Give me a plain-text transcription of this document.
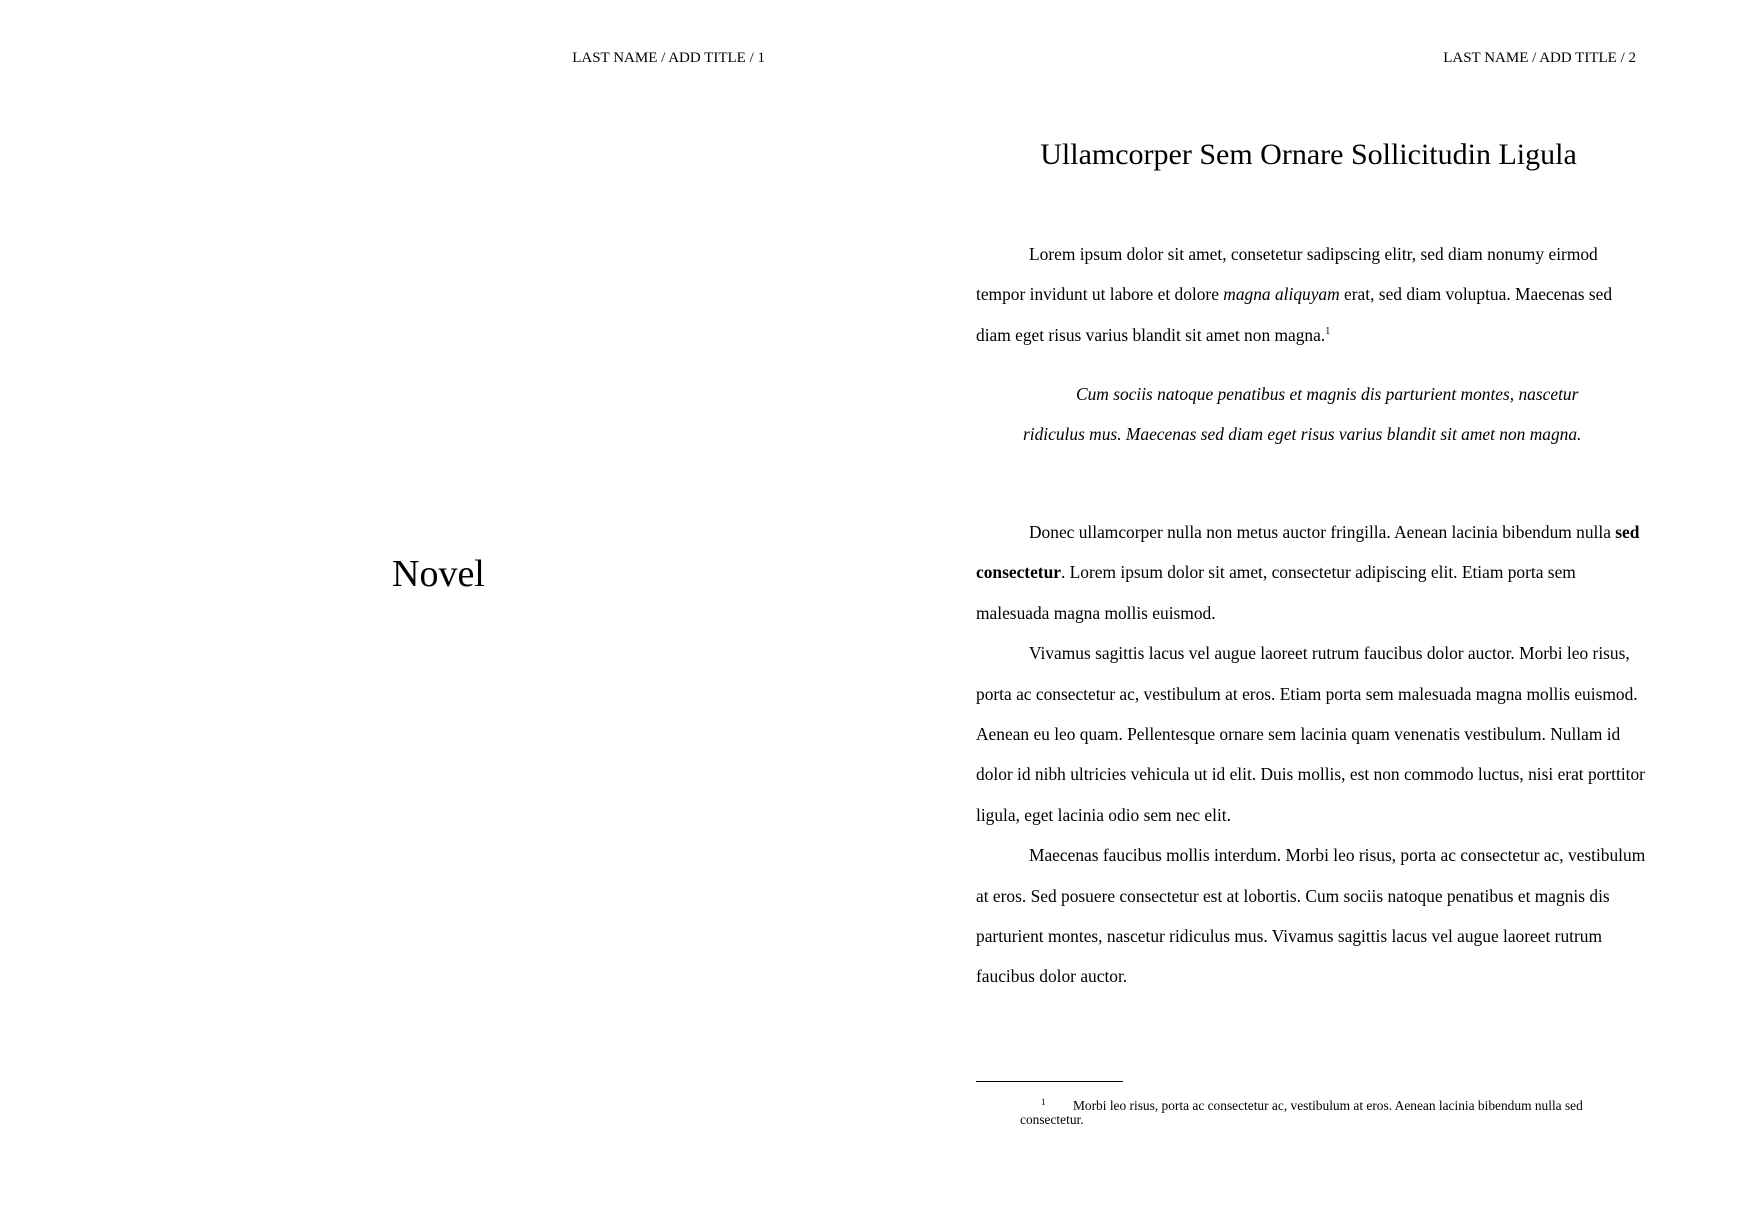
LAST NAME / ADD TITLE / 1
Novel
LAST NAME / ADD TITLE / 2
Ullamcorper Sem Ornare Sollicitudin Ligula

Lorem ipsum dolor sit amet, consetetur sadipscing elitr, sed diam nonumy eirmod tempor invidunt ut labore et dolore magna aliquyam erat, sed diam voluptua. Maecenas sed diam eget risus varius blandit sit amet non magna.$^1$

Cum sociis natoque penatibus et magnis dis parturient montes, nascetur ridiculus mus. Maecenas sed diam eget risus varius blandit sit amet non magna.

Donec ullamcorper nulla non metus auctor fringilla. Aenean lacinia bibendum nulla sed consectetur. Lorem ipsum dolor sit amet, consectetur adipiscing elit. Etiam porta sem malesuada magna mollis euismod.

Vivamus sagittis lacus vel augue laoreet rutrum faucibus dolor auctor. Morbi leo risus, porta ac consectetur ac, vestibulum at eros. Etiam porta sem malesuada magna mollis euismod. Aenean eu leo quam. Pellentesque ornare sem lacinia quam venenatis vestibulum. Nullam id dolor id nibh ultricies vehicula ut id elit. Duis mollis, est non commodo luctus, nisi erat porttitor ligula, eget lacinia odio sem nec elit.

Maecenas faucibus mollis interdum. Morbi leo risus, porta ac consectetur ac, vestibulum at eros. Sed posuere consectetur est at lobortis. Cum sociis natoque penatibus et magnis dis parturient montes, nascetur ridiculus mus. Vivamus sagittis lacus vel augue laoreet rutrum faucibus dolor auctor.

1 Morbi leo risus, porta ac consectetur ac, vestibulum at eros. Aenean lacinia bibendum nulla sed consectetur.
